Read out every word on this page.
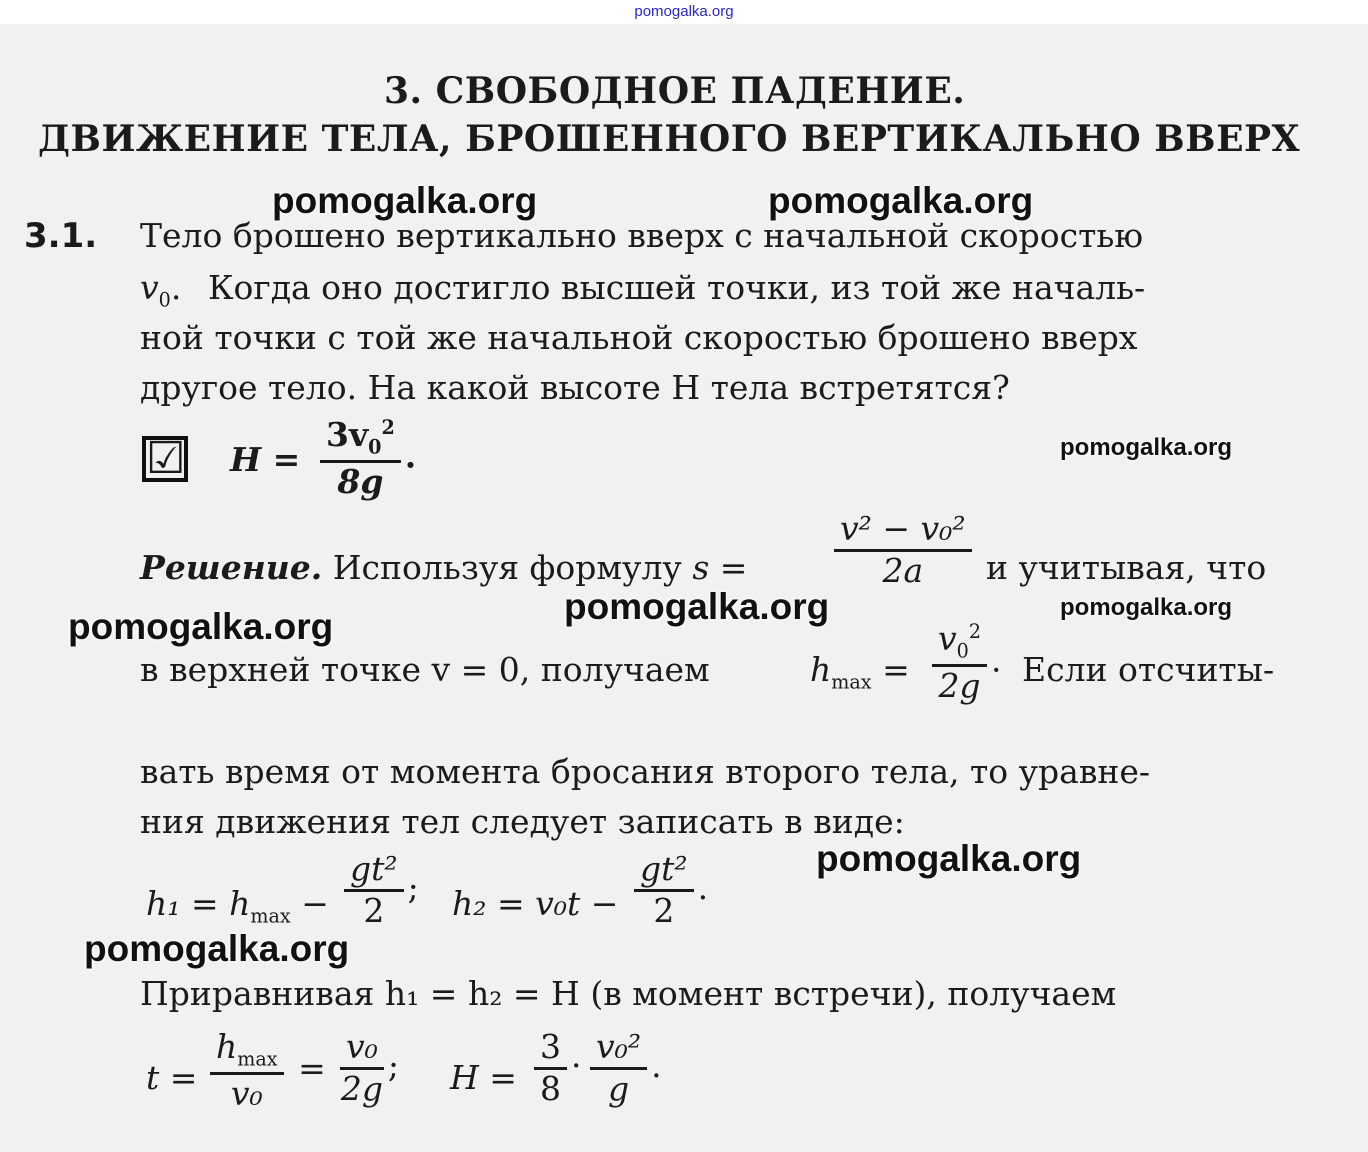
pomogalka.org
3. СВОБОДНОЕ ПАДЕНИЕ.
ДВИЖЕНИЕ ТЕЛА, БРОШЕННОГО ВЕРТИКАЛЬНО ВВЕРХ
3.1. Тело брошено вертикально вверх с начальной скоростью
$v_0$. Когда оно достигло высшей точки, из той же началь-
ной точки с той же начальной скоростью брошено вверх
другое тело. На какой высоте H тела встретятся?
☑ $H = \frac{3v_0^2}{8g}$ .
Решение. Используя формулу s =	$\frac{\text{v² − v₀²}}{2a}$ и учитывая, что
в верхней точке v = 0, получаем	$h_{max} = \frac{v_0^2}{2g}$ . Если отсчиты-
вать время от момента бросания второго тела, то уравне-
ния движения тел следует записать в виде:
$h_1 = h_{max} - \frac{\text{gt²}}{2}$ ; $h_2 = v_0t - \frac{\text{gt²}}{2}$ .
Приравнивая h₁ = h₂ = H (в момент встречи), получаем
$t = \frac{h_{max}}{\text{v₀}} = \frac{\text{v₀}}{2g}$ ; $H = \frac{3}{8} \cdot \frac{\text{v₀²}}{g}$ .
pomogalka.org	pomogalka.org
pomogalka.org
pomogalka.org	pomogalka.org
pomogalka.org
pomogalka.org
pomogalka.org
